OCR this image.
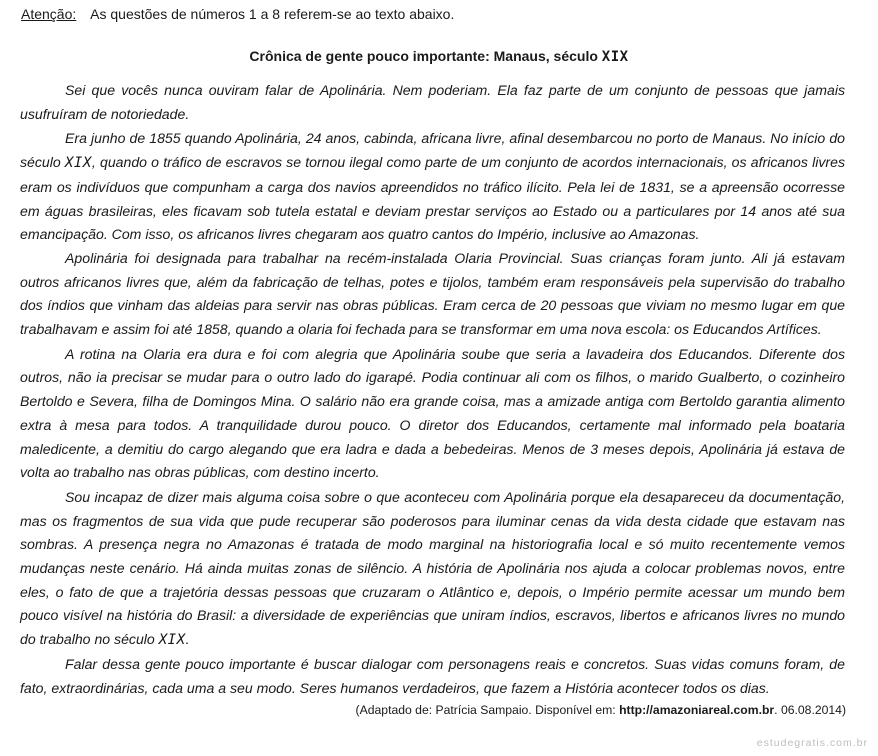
Atenção: As questões de números 1 a 8 referem-se ao texto abaixo.
Crônica de gente pouco importante: Manaus, século XIX

Sei que vocês nunca ouviram falar de Apolinária. Nem poderiam. Ela faz parte de um conjunto de pessoas que jamais usufruíram de notoriedade.

Era junho de 1855 quando Apolinária, 24 anos, cabinda, africana livre, afinal desembarcou no porto de Manaus. No início do século XIX, quando o tráfico de escravos se tornou ilegal como parte de um conjunto de acordos internacionais, os africanos livres eram os indivíduos que compunham a carga dos navios apreendidos no tráfico ilícito. Pela lei de 1831, se a apreensão ocorresse em águas brasileiras, eles ficavam sob tutela estatal e deviam prestar serviços ao Estado ou a particulares por 14 anos até sua emancipação. Com isso, os africanos livres chegaram aos quatro cantos do Império, inclusive ao Amazonas.

Apolinária foi designada para trabalhar na recém-instalada Olaria Provincial. Suas crianças foram junto. Ali já estavam outros africanos livres que, além da fabricação de telhas, potes e tijolos, também eram responsáveis pela supervisão do trabalho dos índios que vinham das aldeias para servir nas obras públicas. Eram cerca de 20 pessoas que viviam no mesmo lugar em que trabalhavam e assim foi até 1858, quando a olaria foi fechada para se transformar em uma nova escola: os Educandos Artífices.

A rotina na Olaria era dura e foi com alegria que Apolinária soube que seria a lavadeira dos Educandos. Diferente dos outros, não ia precisar se mudar para o outro lado do igarapé. Podia continuar ali com os filhos, o marido Gualberto, o cozinheiro Bertoldo e Severa, filha de Domingos Mina. O salário não era grande coisa, mas a amizade antiga com Bertoldo garantia alimento extra à mesa para todos. A tranquilidade durou pouco. O diretor dos Educandos, certamente mal informado pela boataria maledicente, a demitiu do cargo alegando que era ladra e dada a bebedeiras. Menos de 3 meses depois, Apolinária já estava de volta ao trabalho nas obras públicas, com destino incerto.

Sou incapaz de dizer mais alguma coisa sobre o que aconteceu com Apolinária porque ela desapareceu da documentação, mas os fragmentos de sua vida que pude recuperar são poderosos para iluminar cenas da vida desta cidade que estavam nas sombras. A presença negra no Amazonas é tratada de modo marginal na historiografia local e só muito recentemente vemos mudanças neste cenário. Há ainda muitas zonas de silêncio. A história de Apolinária nos ajuda a colocar problemas novos, entre eles, o fato de que a trajetória dessas pessoas que cruzaram o Atlântico e, depois, o Império permite acessar um mundo bem pouco visível na história do Brasil: a diversidade de experiências que uniram índios, escravos, libertos e africanos livres no mundo do trabalho no século XIX.

Falar dessa gente pouco importante é buscar dialogar com personagens reais e concretos. Suas vidas comuns foram, de fato, extraordinárias, cada uma a seu modo. Seres humanos verdadeiros, que fazem a História acontecer todos os dias.

(Adaptado de: Patrícia Sampaio. Disponível em: http://amazoniareal.com.br. 06.08.2014)
estudegratis.com.br
